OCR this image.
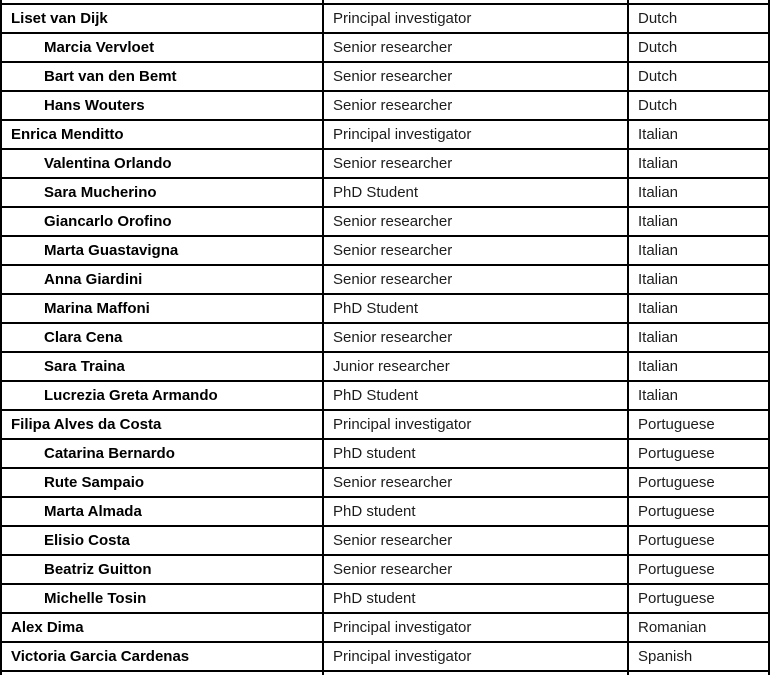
Liset van Dijk	Principal investigator	Dutch
Marcia Vervloet	Senior researcher	Dutch
Bart van den Bemt	Senior researcher	Dutch
Hans Wouters	Senior researcher	Dutch
Enrica Menditto	Principal investigator	Italian
Valentina Orlando	Senior researcher	Italian
Sara Mucherino	PhD Student	Italian
Giancarlo Orofino	Senior researcher	Italian
Marta Guastavigna	Senior researcher	Italian
Anna Giardini	Senior researcher	Italian
Marina Maffoni	PhD Student	Italian
Clara Cena	Senior researcher	Italian
Sara Traina	Junior researcher	Italian
Lucrezia Greta Armando	PhD Student	Italian
Filipa Alves da Costa	Principal investigator	Portuguese
Catarina Bernardo	PhD student	Portuguese
Rute Sampaio	Senior researcher	Portuguese
Marta Almada	PhD student	Portuguese
Elisio Costa	Senior researcher	Portuguese
Beatriz Guitton	Senior researcher	Portuguese
Michelle Tosin	PhD student	Portuguese
Alex Dima	Principal investigator	Romanian
Victoria Garcia Cardenas	Principal investigator	Spanish
